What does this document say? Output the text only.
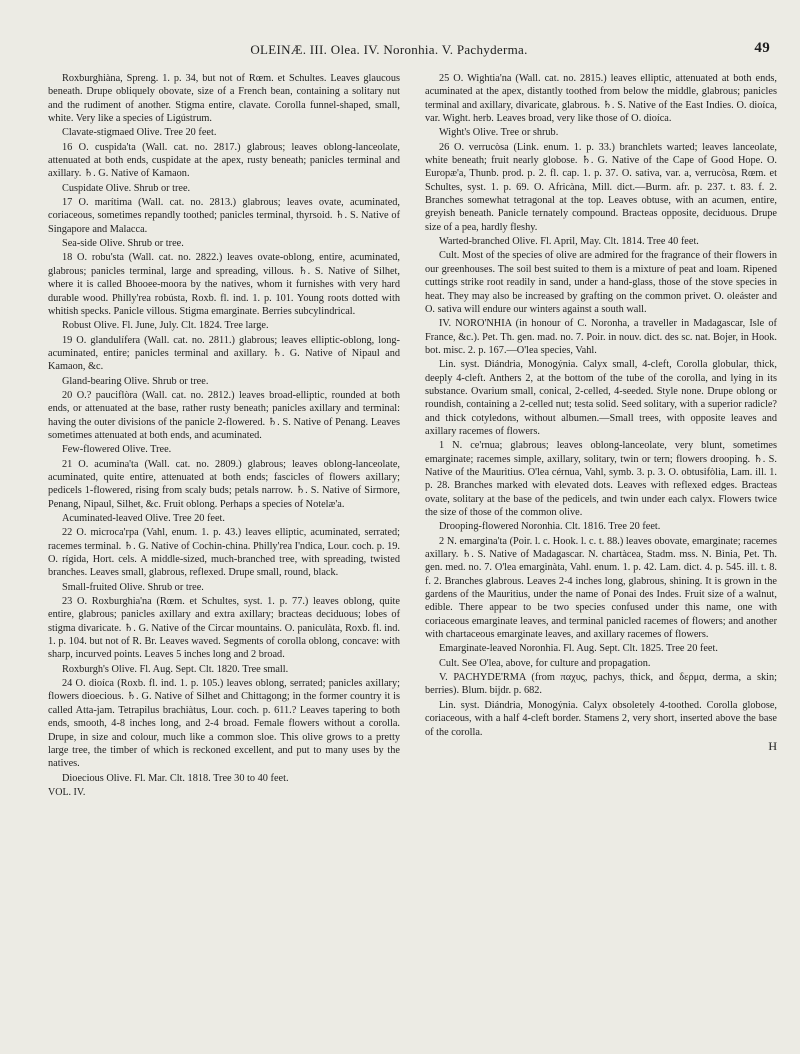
OLEINÆ. III. Olea. IV. Noronhia. V. Pachyderma.	49

Roxburghiàna, Spreng. 1. p. 34, but not of Rœm. et Schultes. Leaves glaucous beneath. Drupe obliquely obovate, size of a French bean, containing a solitary nut and the rudiment of another. Stigma entire, clavate. Corolla funnel-shaped, small, white. Very like a species of Ligústrum.

Clavate-stigmaed Olive. Tree 20 feet.

16 O. cuspida'ta (Wall. cat. no. 2817.) glabrous; leaves oblong-lanceolate, attenuated at both ends, cuspidate at the apex, rusty beneath; panicles terminal and axillary. ♄. G. Native of Kamaon.

Cuspidate Olive. Shrub or tree.

17 O. marítima (Wall. cat. no. 2813.) glabrous; leaves ovate, acuminated, coriaceous, sometimes repandly toothed; panicles terminal, thyrsoid. ♄. S. Native of Singapore and Malacca.

Sea-side Olive. Shrub or tree.

18 O. robu'sta (Wall. cat. no. 2822.) leaves ovate-oblong, entire, acuminated, glabrous; panicles terminal, large and spreading, villous. ♄. S. Native of Silhet, where it is called Bhooee-moora by the natives, whom it furnishes with very hard durable wood. Philly'rea robústa, Roxb. fl. ind. 1. p. 101. Young roots dotted with whitish specks. Panicle villous. Stigma emarginate. Berries subcylindrical.

Robust Olive. Fl. June, July. Clt. 1824. Tree large.

19 O. glandulífera (Wall. cat. no. 2811.) glabrous; leaves elliptic-oblong, long-acuminated, entire; panicles terminal and axillary. ♄. G. Native of Nipaul and Kamaon, &c.

Gland-bearing Olive. Shrub or tree.

20 O.? pauciflòra (Wall. cat. no. 2812.) leaves broad-elliptic, rounded at both ends, or attenuated at the base, rather rusty beneath; panicles axillary and terminal: having the outer divisions of the panicle 2-flowered. ♄. S. Native of Penang. Leaves sometimes attenuated at both ends, and acuminated.

Few-flowered Olive. Tree.

21 O. acumina'ta (Wall. cat. no. 2809.) glabrous; leaves oblong-lanceolate, acuminated, quite entire, attenuated at both ends; fascicles of flowers axillary; pedicels 1-flowered, rising from scaly buds; petals narrow. ♄. S. Native of Sirmore, Penang, Nipaul, Silhet, &c. Fruit oblong. Perhaps a species of Notelæ'a.

Acuminated-leaved Olive. Tree 20 feet.

22 O. microca'rpa (Vahl, enum. 1. p. 43.) leaves elliptic, acuminated, serrated; racemes terminal. ♄. G. Native of Cochin-china. Philly'rea I'ndica, Lour. coch. p. 19. O. rígida, Hort. cels. A middle-sized, much-branched tree, with spreading, twisted branches. Leaves small, glabrous, reflexed. Drupe small, round, black.

Small-fruited Olive. Shrub or tree.

23 O. Roxburghia'na (Rœm. et Schultes, syst. 1. p. 77.) leaves oblong, quite entire, glabrous; panicles axillary and extra axillary; bracteas deciduous; lobes of stigma divaricate. ♄. G. Native of the Circar mountains. O. paniculàta, Roxb. fl. ind. 1. p. 104. but not of R. Br. Leaves waved. Segments of corolla oblong, concave: with sharp, incurved points. Leaves 5 inches long and 2 broad.

Roxburgh's Olive. Fl. Aug. Sept. Clt. 1820. Tree small.

24 O. dioíca (Roxb. fl. ind. 1. p. 105.) leaves oblong, serrated; panicles axillary; flowers dioecious. ♄. G. Native of Silhet and Chittagong; in the former country it is called Atta-jam. Tetrapilus brachiàtus, Lour. coch. p. 611.? Leaves tapering to both ends, smooth, 4-8 inches long, and 2-4 broad. Female flowers without a corolla. Drupe, in size and colour, much like a common sloe. This olive grows to a pretty large tree, the timber of which is reckoned excellent, and put to many uses by the natives.

Dioecious Olive. Fl. Mar. Clt. 1818. Tree 30 to 40 feet.

VOL. IV.

25 O. Wightia'na (Wall. cat. no. 2815.) leaves elliptic, attenuated at both ends, acuminated at the apex, distantly toothed from below the middle, glabrous; panicles terminal and axillary, divaricate, glabrous. ♄. S. Native of the East Indies. O. dioíca, var. Wight. herb. Leaves broad, very like those of O. dioíca.

Wight's Olive. Tree or shrub.

26 O. verrucòsa (Link. enum. 1. p. 33.) branchlets warted; leaves lanceolate, white beneath; fruit nearly globose. ♄. G. Native of the Cape of Good Hope. O. Europæ'a, Thunb. prod. p. 2. fl. cap. 1. p. 37. O. sativa, var. a, verrucòsa, Rœm. et Schultes, syst. 1. p. 69. O. Africàna, Mill. dict.—Burm. afr. p. 237. t. 83. f. 2. Branches somewhat tetragonal at the top. Leaves obtuse, with an acumen, entire, greyish beneath. Panicle ternately compound. Bracteas opposite, deciduous. Drupe size of a pea, hardly fleshy.

Warted-branched Olive. Fl. April, May. Clt. 1814. Tree 40 feet.

Cult. Most of the species of olive are admired for the fragrance of their flowers in our greenhouses. The soil best suited to them is a mixture of peat and loam. Ripened cuttings strike root readily in sand, under a hand-glass, those of the stove species in heat. They may also be increased by grafting on the common privet. O. oleáster and O. satìva will endure our winters against a south wall.

IV. NORO'NHIA (in honour of C. Noronha, a traveller in Madagascar, Isle of France, &c.). Pet. Th. gen. mad. no. 7. Poir. in nouv. dict. des sc. nat. Bojer, in Hook. bot. misc. 2. p. 167.—O'lea species, Vahl.

Lin. syst. Diándria, Monogýnia. Calyx small, 4-cleft, Corolla globular, thick, deeply 4-cleft. Anthers 2, at the bottom of the tube of the corolla, and lying in its substance. Ovarium small, conical, 2-celled, 4-seeded. Style none. Drupe oblong or roundish, containing a 2-celled nut; testa solid. Seed solitary, with a superior radicle? and thick cotyledons, without albumen.—Small trees, with opposite leaves and axillary racemes of flowers.

1 N. ce'rnua; glabrous; leaves oblong-lanceolate, very blunt, sometimes emarginate; racemes simple, axillary, solitary, twin or tern; flowers drooping. ♄. S. Native of the Mauritius. O'lea cérnua, Vahl, symb. 3. p. 3. O. obtusifòlia, Lam. ill. 1. p. 28. Branches marked with elevated dots. Leaves with reflexed edges. Bracteas ovate, solitary at the base of the pedicels, and twin under each calyx. Flowers twice the size of those of the common olive.

Drooping-flowered Noronhia. Clt. 1816. Tree 20 feet.

2 N. emargina'ta (Poir. l. c. Hook. l. c. t. 88.) leaves obovate, emarginate; racemes axillary. ♄. S. Native of Madagascar. N. chartàcea, Stadm. mss. N. Bìnia, Pet. Th. gen. med. no. 7. O'lea emarginàta, Vahl. enum. 1. p. 42. Lam. dict. 4. p. 545. ill. t. 8. f. 2. Branches glabrous. Leaves 2-4 inches long, glabrous, shining. It is grown in the gardens of the Mauritius, under the name of Ponai des Indes. Fruit size of a walnut, edible. There appear to be two species confused under this name, one with coriaceous emarginate leaves, and terminal panicled racemes of flowers; and another with chartaceous emarginate leaves, and axillary racemes of flowers.

Emarginate-leaved Noronhia. Fl. Aug. Sept. Clt. 1825. Tree 20 feet.

Cult. See O'lea, above, for culture and propagation.

V. PACHYDE'RMA (from παχυς, pachys, thick, and δερμα, derma, a skin; berries). Blum. bijdr. p. 682.

Lin. syst. Diándria, Monogýnia. Calyx obsoletely 4-toothed. Corolla globose, coriaceous, with a half 4-cleft border. Stamens 2, very short, inserted above the base of the corolla.

H
